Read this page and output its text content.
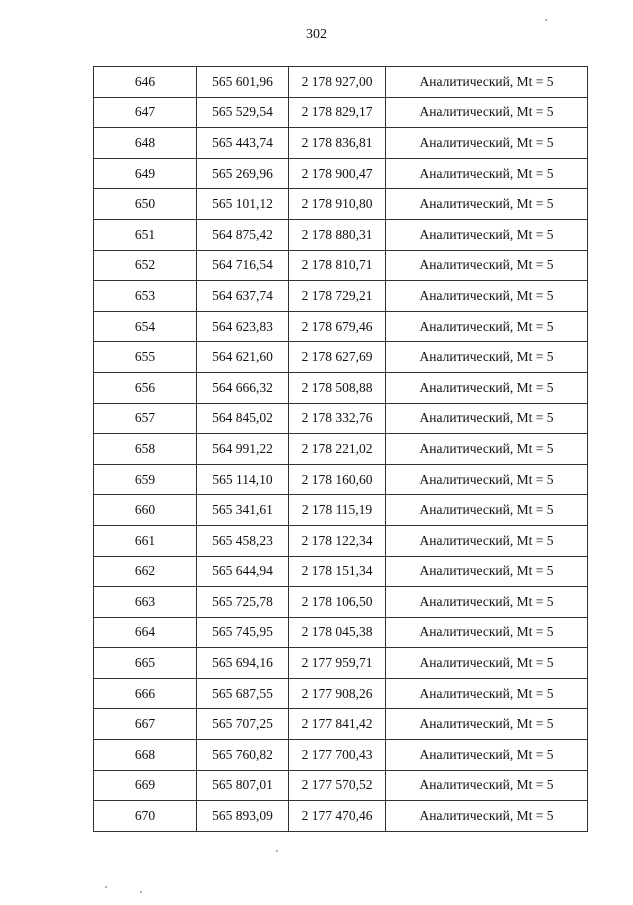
302
646	565 601,96	2 178 927,00	Аналитический, Mt = 5
647	565 529,54	2 178 829,17	Аналитический, Mt = 5
648	565 443,74	2 178 836,81	Аналитический, Mt = 5
649	565 269,96	2 178 900,47	Аналитический, Mt = 5
650	565 101,12	2 178 910,80	Аналитический, Mt = 5
651	564 875,42	2 178 880,31	Аналитический, Mt = 5
652	564 716,54	2 178 810,71	Аналитический, Mt = 5
653	564 637,74	2 178 729,21	Аналитический, Mt = 5
654	564 623,83	2 178 679,46	Аналитический, Mt = 5
655	564 621,60	2 178 627,69	Аналитический, Mt = 5
656	564 666,32	2 178 508,88	Аналитический, Mt = 5
657	564 845,02	2 178 332,76	Аналитический, Mt = 5
658	564 991,22	2 178 221,02	Аналитический, Mt = 5
659	565 114,10	2 178 160,60	Аналитический, Mt = 5
660	565 341,61	2 178 115,19	Аналитический, Mt = 5
661	565 458,23	2 178 122,34	Аналитический, Mt = 5
662	565 644,94	2 178 151,34	Аналитический, Mt = 5
663	565 725,78	2 178 106,50	Аналитический, Mt = 5
664	565 745,95	2 178 045,38	Аналитический, Mt = 5
665	565 694,16	2 177 959,71	Аналитический, Mt = 5
666	565 687,55	2 177 908,26	Аналитический, Mt = 5
667	565 707,25	2 177 841,42	Аналитический, Mt = 5
668	565 760,82	2 177 700,43	Аналитический, Mt = 5
669	565 807,01	2 177 570,52	Аналитический, Mt = 5
670	565 893,09	2 177 470,46	Аналитический, Mt = 5
